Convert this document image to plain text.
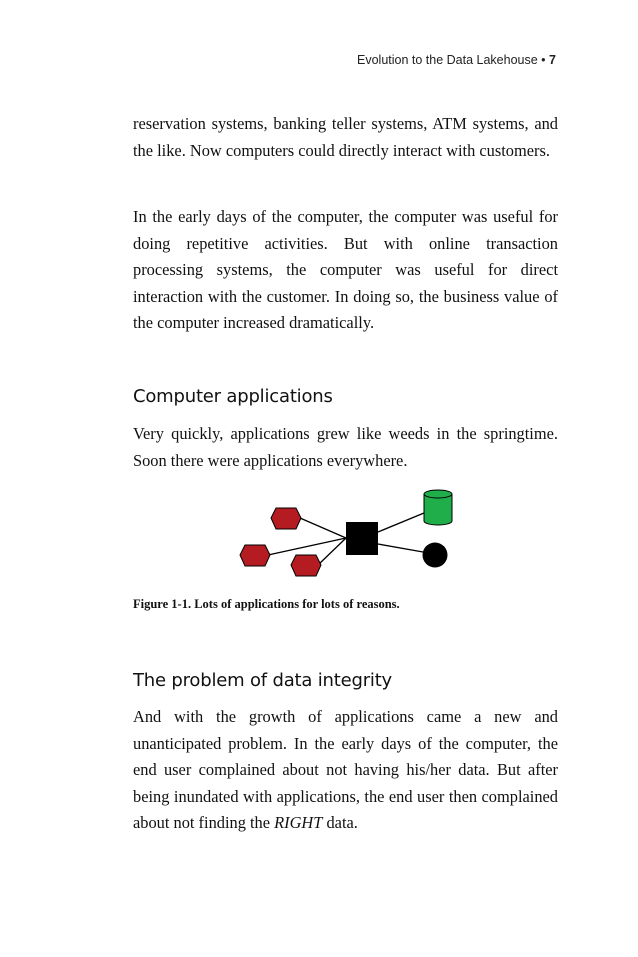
Evolution to the Data Lakehouse • 7

reservation systems, banking teller systems, ATM systems, and the like. Now computers could directly interact with customers.

In the early days of the computer, the computer was useful for doing repetitive activities. But with online transaction processing systems, the computer was useful for direct interaction with the customer. In doing so, the business value of the computer increased dramatically.

Computer applications

Very quickly, applications grew like weeds in the springtime. Soon there were applications everywhere.

Figure 1-1. Lots of applications for lots of reasons.

The problem of data integrity

And with the growth of applications came a new and unanticipated problem. In the early days of the computer, the end user complained about not having his/her data. But after being inundated with applications, the end user then complained about not finding the RIGHT data.
